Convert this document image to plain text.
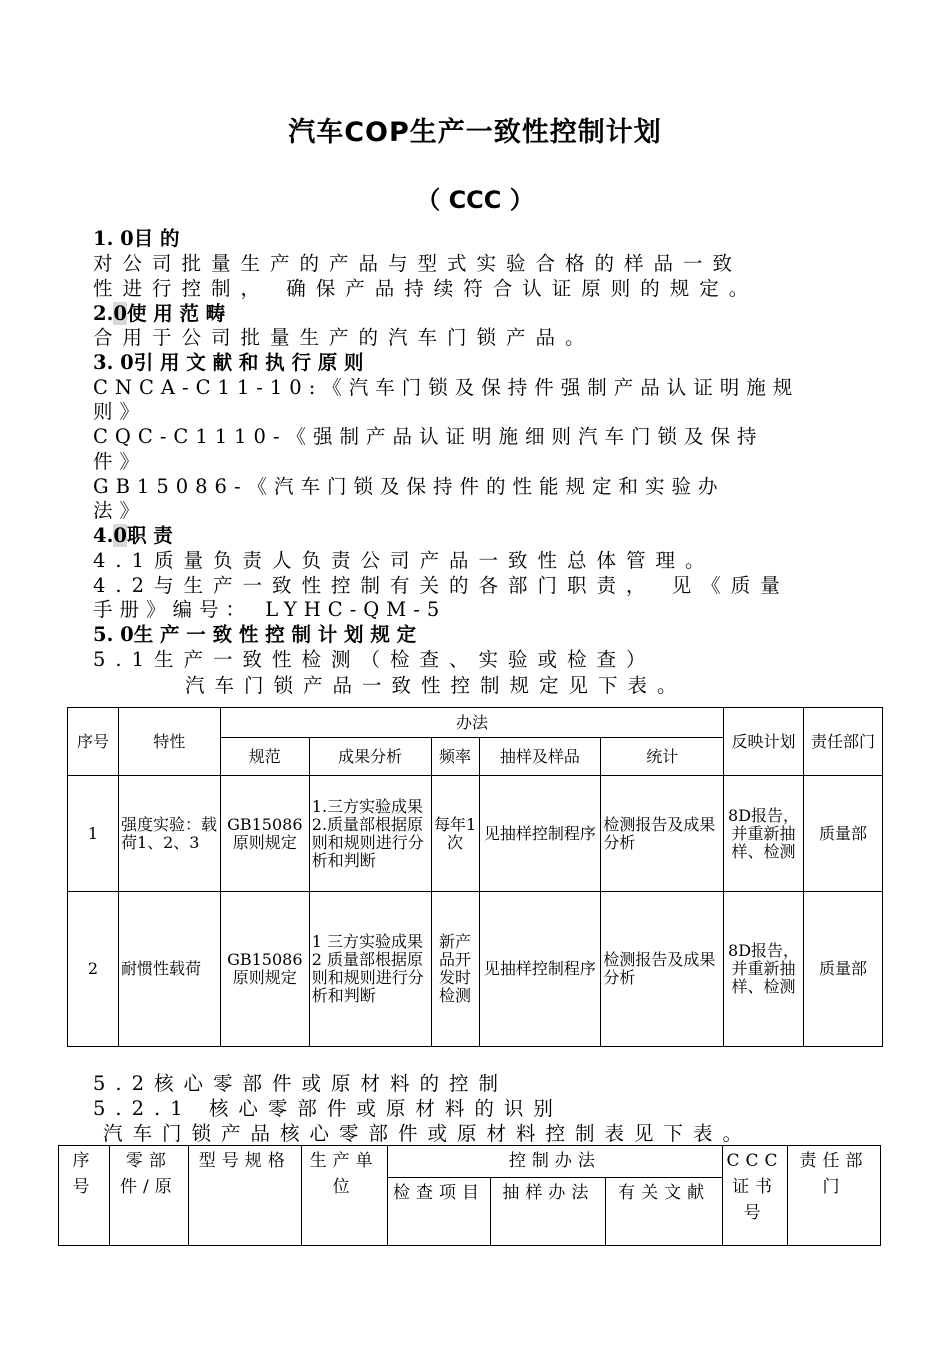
汽车COP生产一致性控制计划
（ CCC ）
1. 0目 的
对公司批量生产的产品与型式实验合格的样品一致
性进行控制， 确保产品持续符合认证原则的规定。
2.0使 用 范 畴
合用于公司批量生产的汽车门锁产品。
3. 0引 用 文 献 和 执 行 原 则
CNCA-C11-10:《汽车门锁及保持件强制产品认证明施规
则》
CQC-C1110-《强制产品认证明施细则汽车门锁及保持
件》
GB15086-《汽车门锁及保持件的性能规定和实验办
法》
4.0职 责
4.1质量负责人负责公司产品一致性总体管理。
4.2与生产一致性控制有关的各部门职责， 见《质量
手册》编号： LYHC-QM-5
5. 0生 产 一 致 性 控 制 计 划 规 定
5.1生产一致性检测（检查、实验或检查）
汽车门锁产品一致性控制规定见下表。
序号	特性	办法					反映计划	责任部门
		规范	成果分析	频率	抽样及样品	统计		
1	强度实验：载荷1、2、3	GB15086原则规定	1.三方实验成果
2.质量部根据原则和规则进行分析和判断	每年1次	见抽样控制程序	检测报告及成果分析	8D报告，并重新抽样、检测	质量部
2	耐惯性载荷	GB15086原则规定	1 三方实验成果 2 质量部根据原则和规则进行分析和判断	新产品开发时检测	见抽样控制程序	检测报告及成果分析	8D报告，并重新抽样、检测	质量部

5.2核心零部件或原材料的控制
5.2.1 核心零部件或原材料的识别
汽车门锁产品核心零部件或原材料控制表见下表。
序号	零部件/原	型号规格	生产单位	控制办法			CCC证书号	责任部门
				检查项目	抽样办法	有关文献		
